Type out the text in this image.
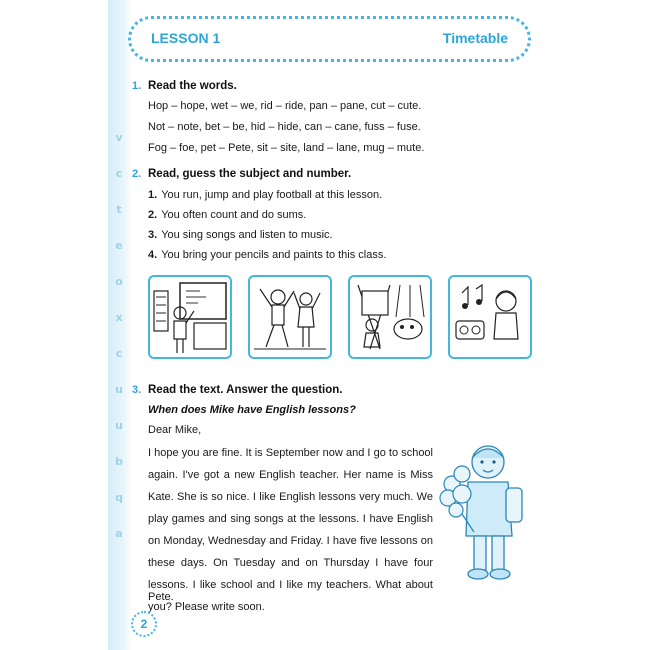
v
c
t
e
o
x
c
u
u
b
q
a
LESSON 1	Timetable
1. Read the words.
Hop – hope, wet – we, rid – ride, pan – pane, cut – cute.
Not – note, bet – be, hid – hide, can – cane, fuss – fuse.
Fog – foe, pet – Pete, sit – site, land – lane, mug – mute.
2. Read, guess the subject and number.
1. You run, jump and play football at this lesson.
2. You often count and do sums.
3. You sing songs and listen to music.
4. You bring your pencils and paints to this class.
3. Read the text. Answer the question.
When does Mike have English lessons?
Dear Mike,

I hope you are fine. It is September now and I go to school again. I've got a new English teacher. Her name is Miss Kate. She is so nice. I like English lessons very much. We play games and sing songs at the lessons. I have English on Monday, Wednesday and Friday. I have five lessons on these days. On Tuesday and on Thursday I have four lessons. I like school and I like my teachers. What about you? Please write soon.

Pete.
2
